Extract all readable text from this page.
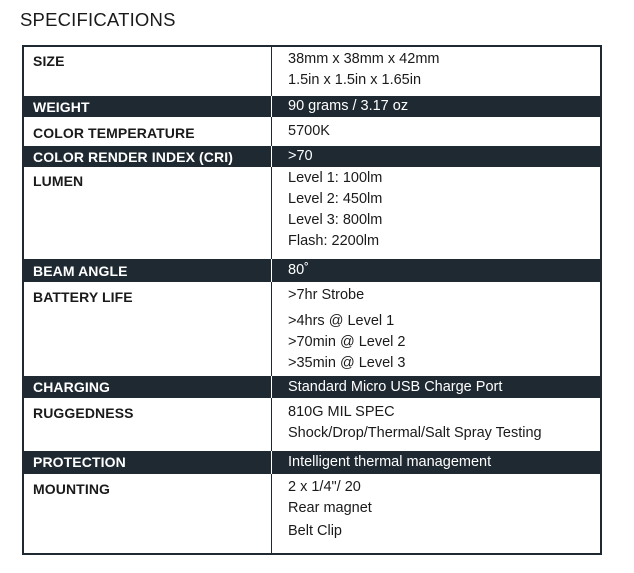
SPECIFICATIONS
SIZE	38mm x 38mm x 42mm
1.5in x 1.5in x 1.65in
WEIGHT	90 grams / 3.17 oz
COLOR TEMPERATURE	5700K
COLOR RENDER INDEX (CRI)	>70
LUMEN	Level 1: 100lm
Level 2: 450lm
Level 3: 800lm
Flash: 2200lm
BEAM ANGLE	80˚
BATTERY LIFE	>7hr Strobe
>4hrs @ Level 1
>70min @ Level 2
>35min @ Level 3
CHARGING	Standard Micro USB Charge Port
RUGGEDNESS	810G MIL SPEC
Shock/Drop/Thermal/Salt Spray Testing
PROTECTION	Intelligent thermal management
MOUNTING	2 x 1/4"/ 20
Rear magnet
Belt Clip
